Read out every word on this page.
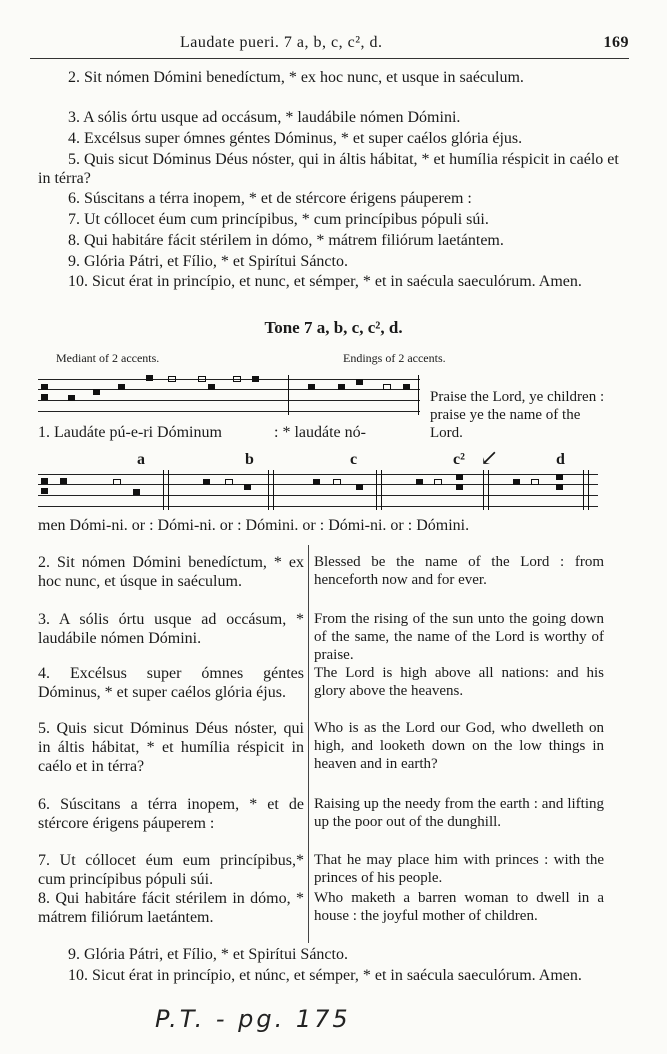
Laudate pueri. 7 a, b, c, c², d.	169
2. Sit nómen Dómini benedíctum, * ex hoc nunc, et usque in saéculum.
3. A sólis órtu usque ad occásum, * laudábile nómen Dómini.
4. Excélsus super ómnes géntes Dóminus, * et super caélos glória éjus.
5. Quis sicut Dóminus Déus nóster, qui in áltis hábitat, * et humília réspicit in caélo et in térra?
6. Súscitans a térra inopem, * et de stércore érigens páuperem :
7. Ut cóllocet éum cum princípibus, * cum princípibus pópuli súi.
8. Qui habitáre fácit stérilem in dómo, * mátrem filiórum laetántem.
9. Glória Pátri, et Fílio, * et Spirítui Sáncto.
10. Sicut érat in princípio, et nunc, et sémper, * et in saécula saeculórum. Amen.
Tone 7 a, b, c, c², d.
Mediant of 2 accents.	Endings of 2 accents.
1. Laudáte pú-e-ri Dóminum	: * laudáte nó-
Praise the Lord, ye children : praise ye the name of the Lord.
a	b	c	c² ↙	d
men Dómi-ni. or : Dómi-ni. or : Dómini. or : Dómi-ni. or : Dómini.
2. Sit nómen Dómini benedíctum, * ex hoc nunc, et úsque in saéculum.
Blessed be the name of the Lord : from henceforth now and for ever.
3. A sólis órtu usque ad occásum, * laudábile nómen Dómini.
From the rising of the sun unto the going down of the same, the name of the Lord is worthy of praise.
4. Excélsus super ómnes géntes Dóminus, * et super caélos glória éjus.
The Lord is high above all nations: and his glory above the heavens.
5. Quis sicut Dóminus Déus nóster, qui in áltis hábitat, * et humília réspicit in caélo et in térra?
Who is as the Lord our God, who dwelleth on high, and looketh down on the low things in heaven and in earth?
6. Súscitans a térra inopem, * et de stércore érigens páuperem :
Raising up the needy from the earth : and lifting up the poor out of the dunghill.
7. Ut cóllocet éum eum princípibus,* cum princípibus pópuli súi.
That he may place him with princes : with the princes of his people.
8. Qui habitáre fácit stérilem in dómo, * mátrem filiórum laetántem.
Who maketh a barren woman to dwell in a house : the joyful mother of children.
9. Glória Pátri, et Fílio, * et Spirítui Sáncto.
10. Sicut érat in princípio, et núnc, et sémper, * et in saécula saeculórum. Amen.
P.T. - pg. 175
